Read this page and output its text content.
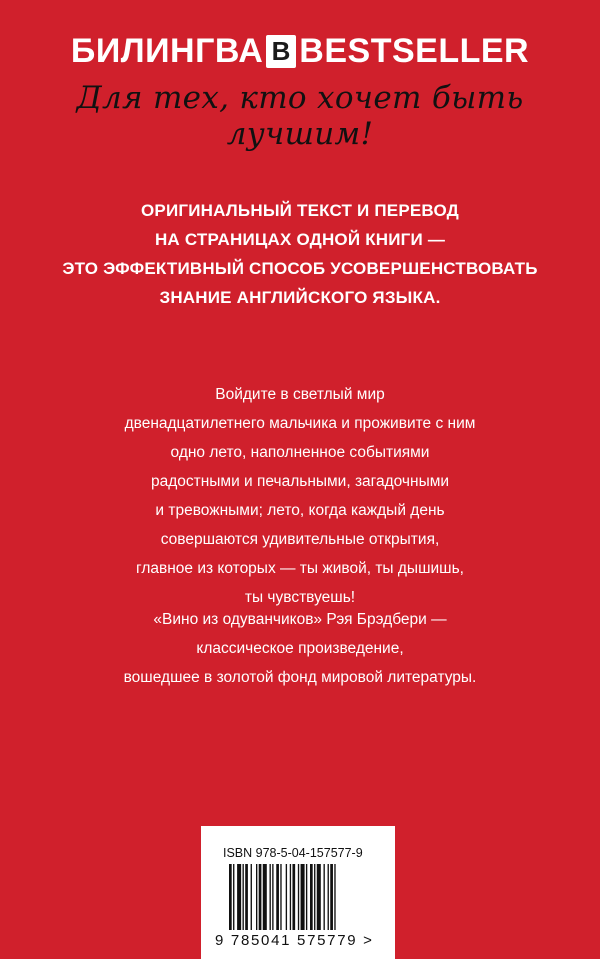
БИЛИНГВА B BESTSELLER
Для тех, кто хочет быть лучшим!
ОРИГИНАЛЬНЫЙ ТЕКСТ И ПЕРЕВОД
НА СТРАНИЦАХ ОДНОЙ КНИГИ —
ЭТО ЭФФЕКТИВНЫЙ СПОСОБ УСОВЕРШЕНСТВОВАТЬ
ЗНАНИЕ АНГЛИЙСКОГО ЯЗЫКА.
Войдите в светлый мир
двенадцатилетнего мальчика и проживите с ним
одно лето, наполненное событиями
радостными и печальными, загадочными
и тревожными; лето, когда каждый день
совершаются удивительные открытия,
главное из которых — ты живой, ты дышишь,
ты чувствуешь!
«Вино из одуванчиков» Рэя Брэдбери —
классическое произведение,
вошедшее в золотой фонд мировой литературы.
ISBN 978-5-04-157577-9
9 785041 575779 >
